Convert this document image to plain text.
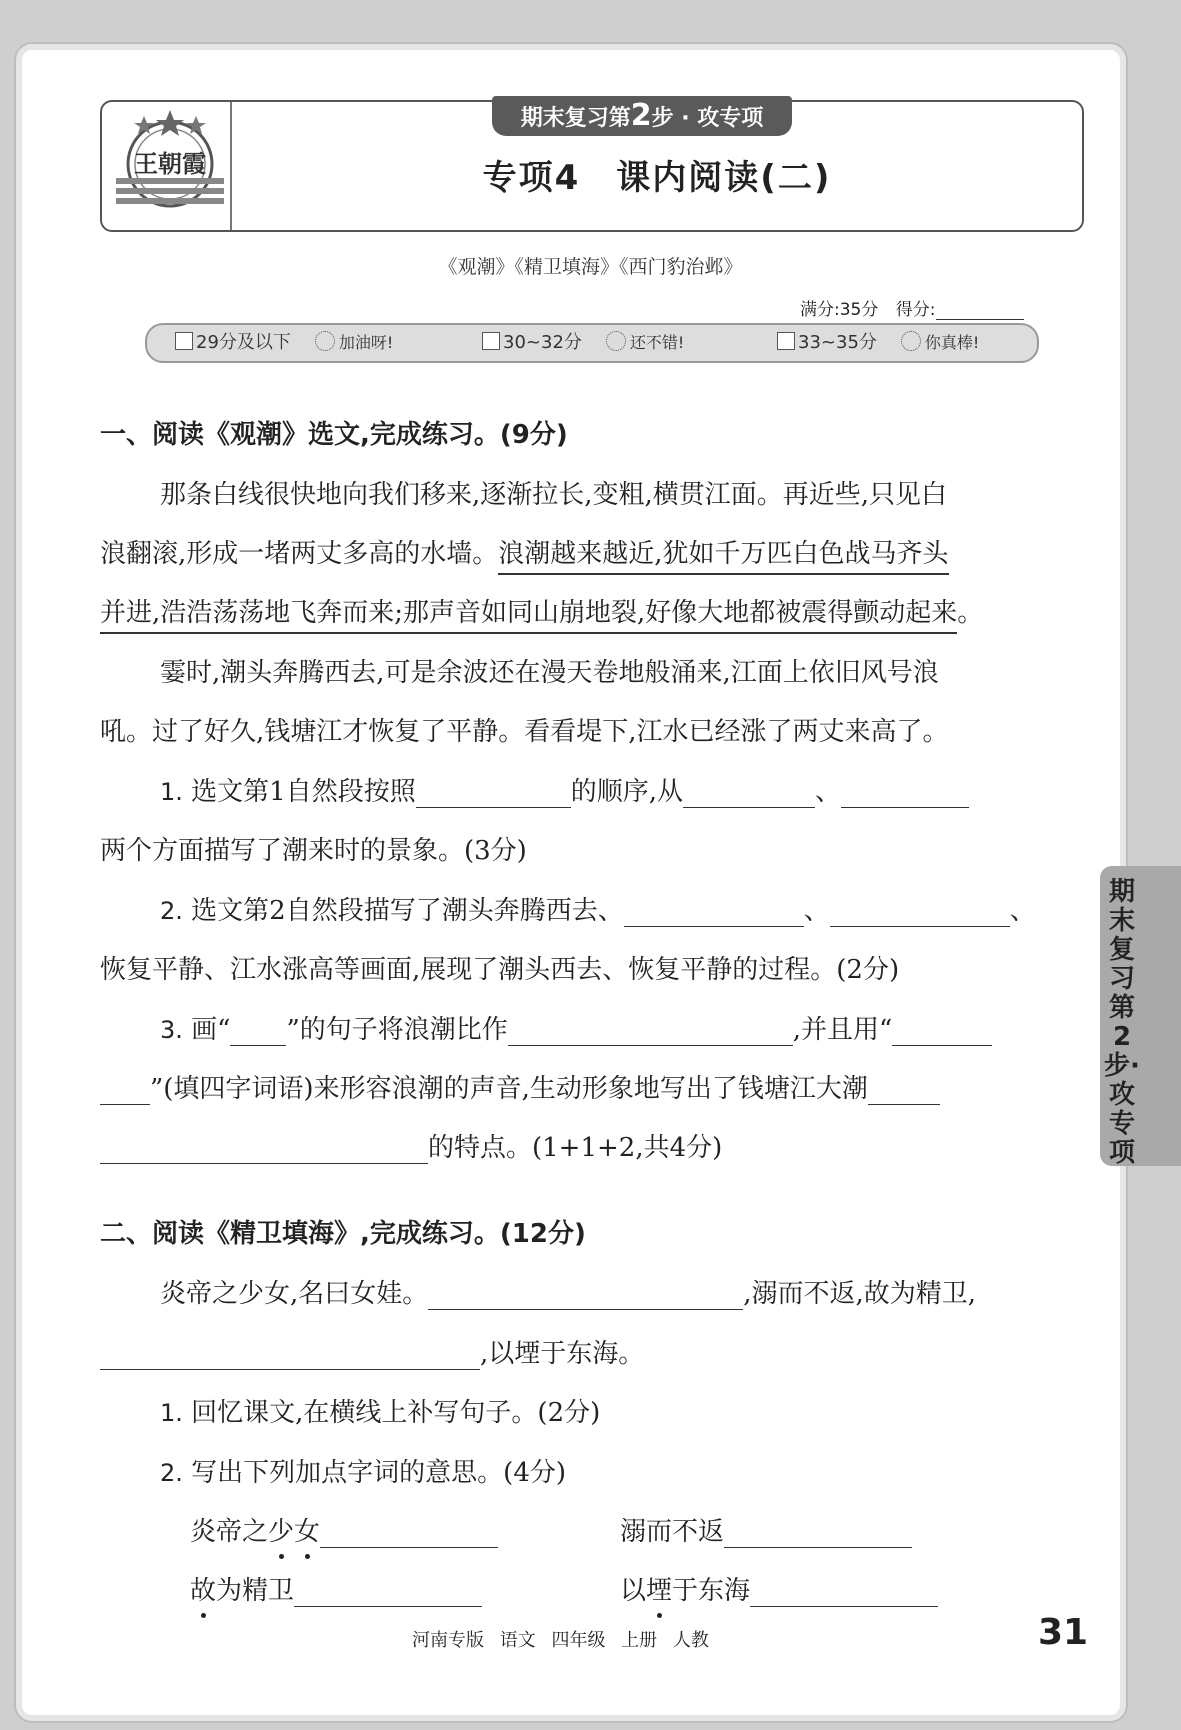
王朝霞
期末复习第2步 · 攻专项
专项4　课内阅读(二)
《观潮》《精卫填海》《西门豹治邺》
满分:35分 得分:
29分及以下	加油呀!	30~32分	还不错!	33~35分	你真棒!
一、阅读《观潮》选文,完成练习。(9分)
那条白线很快地向我们移来,逐渐拉长,变粗,横贯江面。再近些,只见白
浪翻滚,形成一堵两丈多高的水墙。浪潮越来越近,犹如千万匹白色战马齐头
并进,浩浩荡荡地飞奔而来;那声音如同山崩地裂,好像大地都被震得颤动起来。
霎时,潮头奔腾西去,可是余波还在漫天卷地般涌来,江面上依旧风号浪
吼。过了好久,钱塘江才恢复了平静。看看堤下,江水已经涨了两丈来高了。
1. 选文第1自然段按照	的顺序,从	、
两个方面描写了潮来时的景象。(3分)
2. 选文第2自然段描写了潮头奔腾西去、	、	、
恢复平静、江水涨高等画面,展现了潮头西去、恢复平静的过程。(2分)
3. 画“ ”的句子将浪潮比作	,并且用“
”(填四字词语)来形容浪潮的声音,生动形象地写出了钱塘江大潮
的特点。(1+1+2,共4分)
二、阅读《精卫填海》,完成练习。(12分)
炎帝之少女,名曰女娃。	,溺而不返,故为精卫,
,以堙于东海。
1. 回忆课文,在横线上补写句子。(2分)
2. 写出下列加点字词的意思。(4分)
炎帝之少女	溺而不返
故为精卫	以堙于东海
期末复习第2步·攻专项
河南专版 语文 四年级 上册 人教	31
